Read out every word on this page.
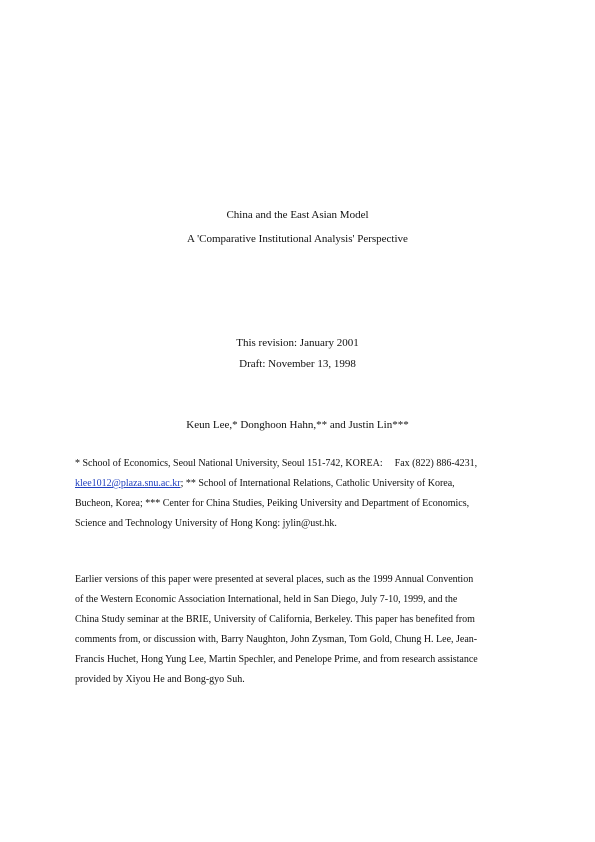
China and the East Asian Model
A 'Comparative Institutional Analysis' Perspective
This revision: January 2001
Draft: November 13, 1998
Keun Lee,* Donghoon Hahn,** and Justin Lin***
* School of Economics, Seoul National University, Seoul 151-742, KOREA: Fax (822) 886-4231,
klee1012@plaza.snu.ac.kr; ** School of International Relations, Catholic University of Korea,
Bucheon, Korea; *** Center for China Studies, Peiking University and Department of Economics,
Science and Technology University of Hong Kong: jylin@ust.hk.
Earlier versions of this paper were presented at several places, such as the 1999 Annual Convention
of the Western Economic Association International, held in San Diego, July 7-10, 1999, and the
China Study seminar at the BRIE, University of California, Berkeley. This paper has benefited from
comments from, or discussion with, Barry Naughton, John Zysman, Tom Gold, Chung H. Lee, Jean-
Francis Huchet, Hong Yung Lee, Martin Spechler, and Penelope Prime, and from research assistance
provided by Xiyou He and Bong-gyo Suh.
